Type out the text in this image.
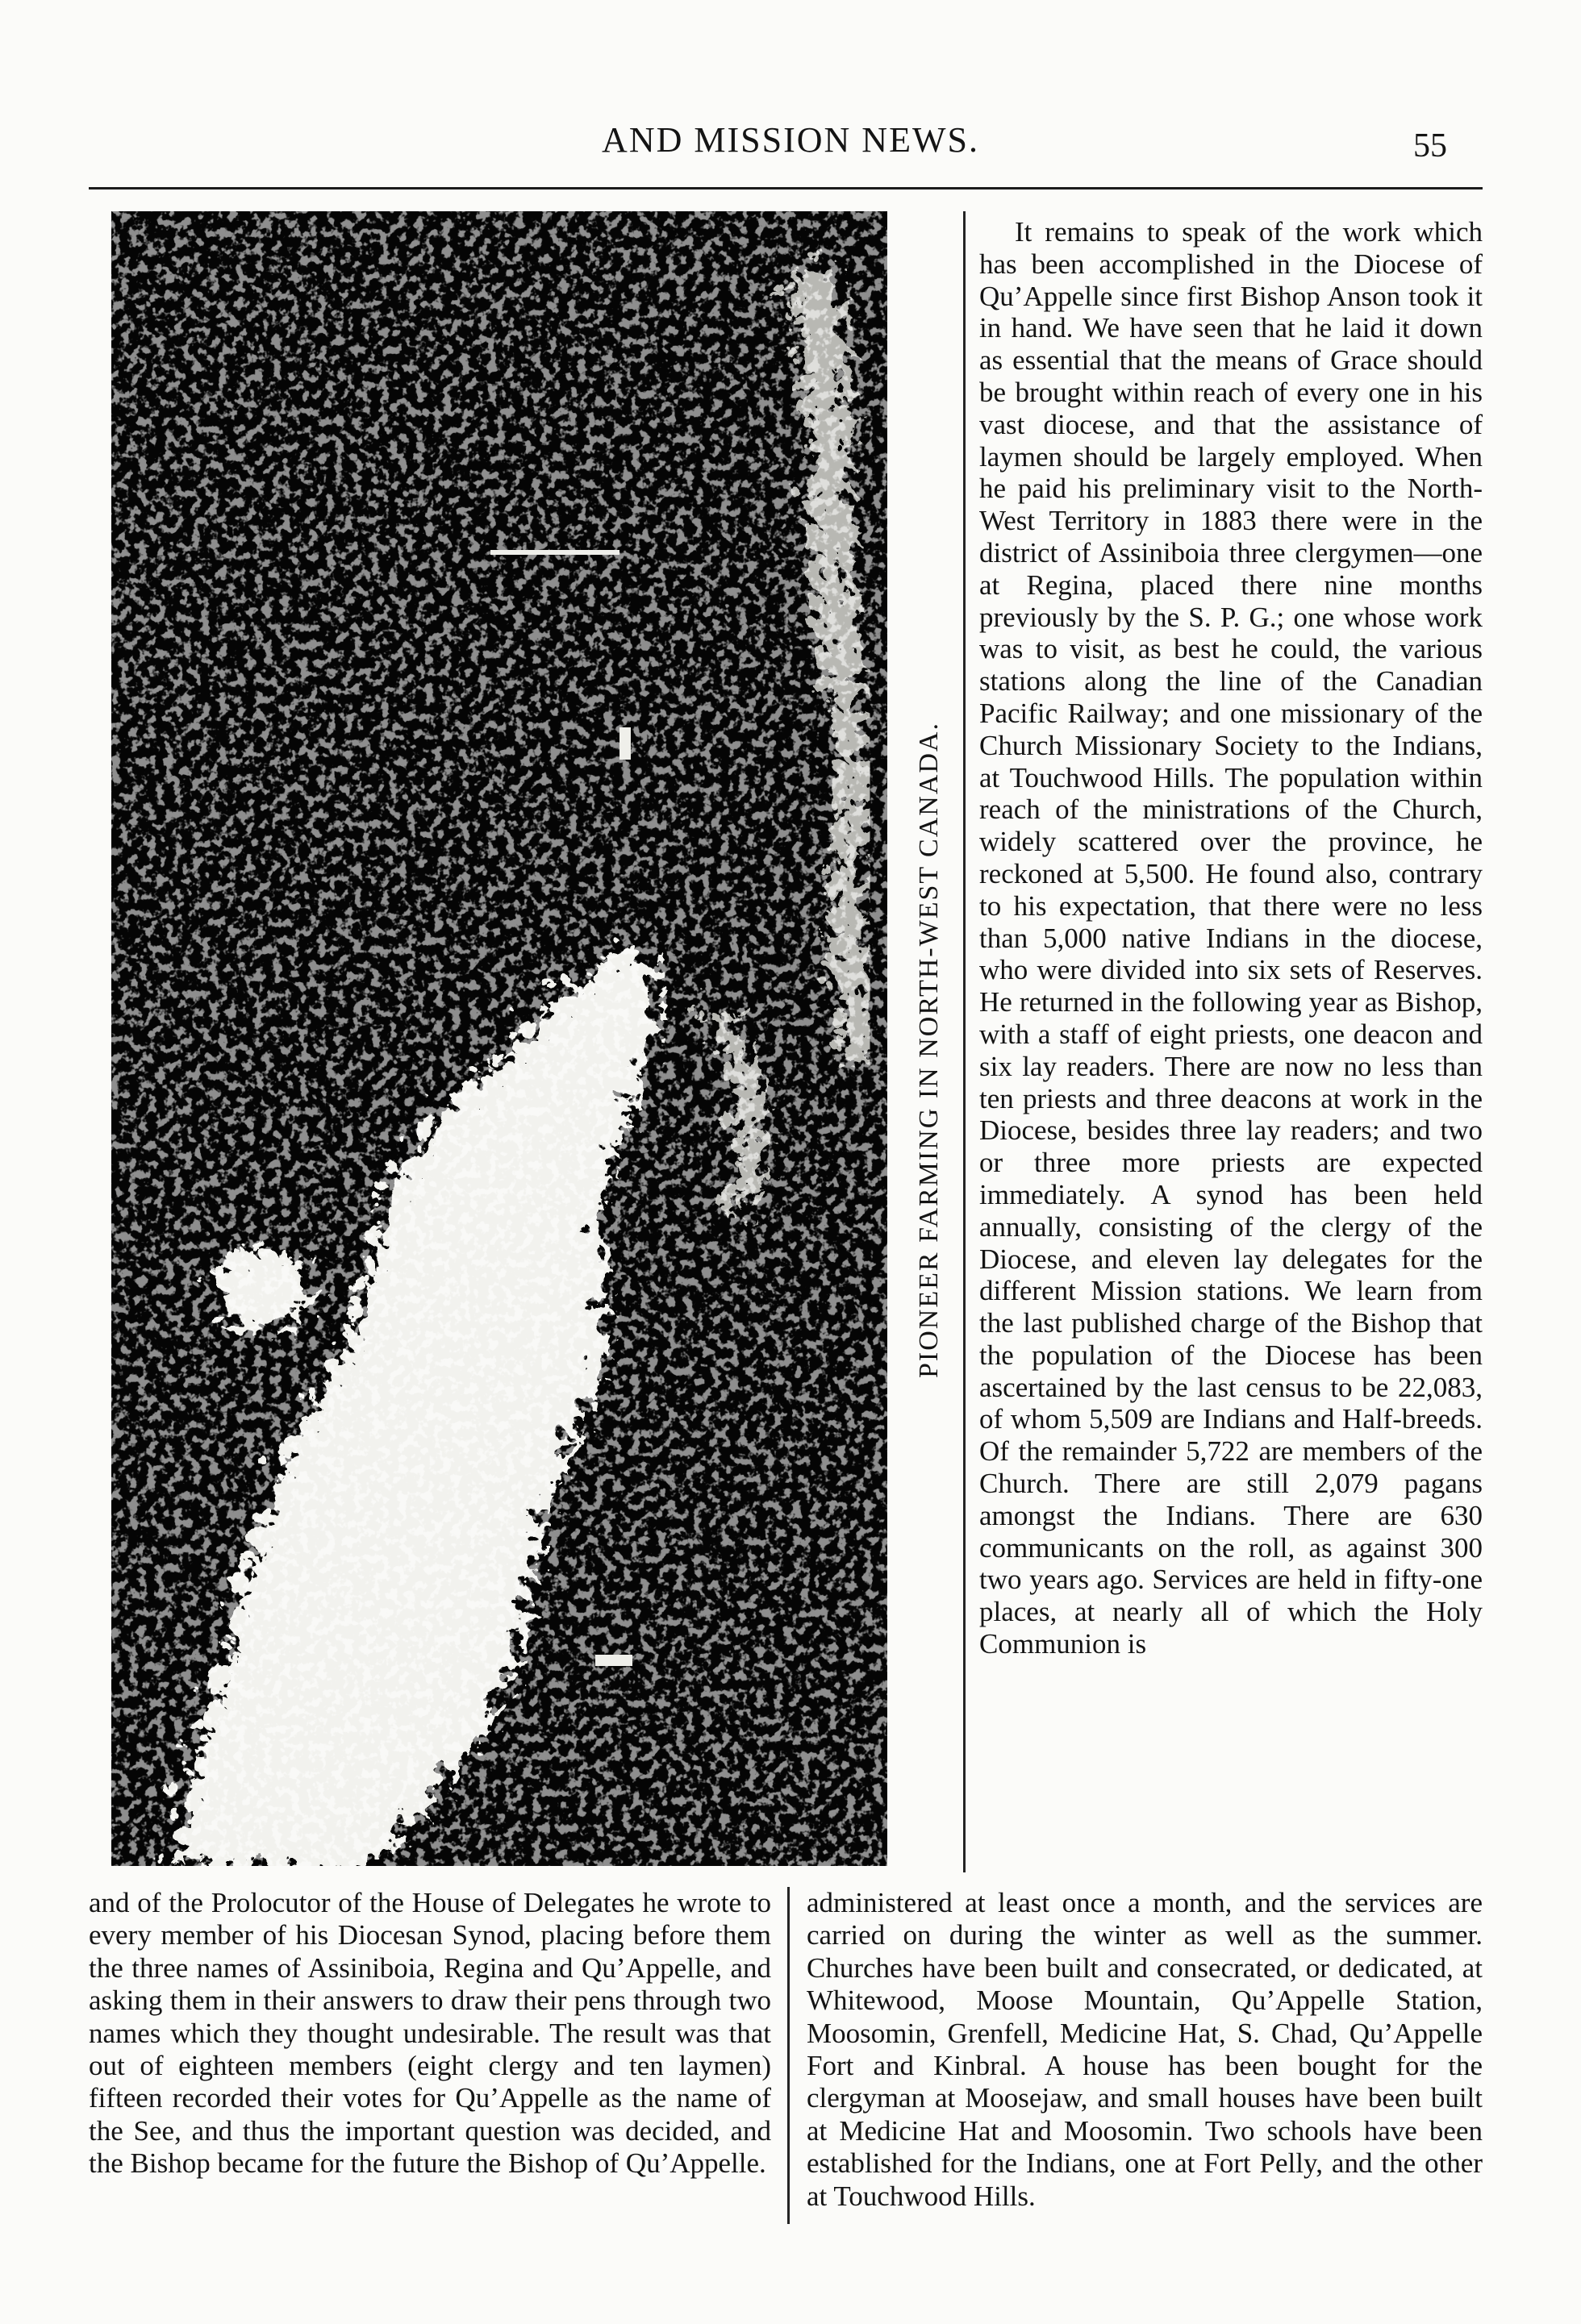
AND MISSION NEWS.	55
PIONEER FARMING IN NORTH-WEST CANADA.

It remains to speak of the work which has been accomplished in the Diocese of Qu’Appelle since first Bishop Anson took it in hand. We have seen that he laid it down as essential that the means of Grace should be brought within reach of every one in his vast diocese, and that the assistance of laymen should be largely employed. When he paid his preliminary visit to the North-West Territory in 1883 there were in the district of Assiniboia three clergymen—one at Regina, placed there nine months previously by the S. P. G.; one whose work was to visit, as best he could, the various stations along the line of the Canadian Pacific Railway; and one missionary of the Church Missionary Society to the Indians, at Touchwood Hills. The population within reach of the ministrations of the Church, widely scattered over the province, he reckoned at 5,500. He found also, contrary to his expectation, that there were no less than 5,000 native Indians in the diocese, who were divided into six sets of Reserves. He returned in the following year as Bishop, with a staff of eight priests, one deacon and six lay readers. There are now no less than ten priests and three deacons at work in the Diocese, besides three lay readers; and two or three more priests are expected immediately. A synod has been held annually, consisting of the clergy of the Diocese, and eleven lay delegates for the different Mission stations. We learn from the last published charge of the Bishop that the population of the Diocese has been ascertained by the last census to be 22,083, of whom 5,509 are Indians and Half-breeds. Of the remainder 5,722 are members of the Church. There are still 2,079 pagans amongst the Indians. There are 630 communicants on the roll, as against 300 two years ago. Services are held in fifty-one places, at nearly all of which the Holy Communion is

and of the Prolocutor of the House of Delegates he wrote to every member of his Diocesan Synod, placing before them the three names of Assiniboia, Regina and Qu’Appelle, and asking them in their answers to draw their pens through two names which they thought undesirable. The result was that out of eighteen members (eight clergy and ten laymen) fifteen recorded their votes for Qu’Appelle as the name of the See, and thus the important question was decided, and the Bishop became for the future the Bishop of Qu’Appelle.

administered at least once a month, and the services are carried on during the winter as well as the summer. Churches have been built and consecrated, or dedicated, at Whitewood, Moose Mountain, Qu’Appelle Station, Moosomin, Grenfell, Medicine Hat, S. Chad, Qu’Appelle Fort and Kinbral. A house has been bought for the clergyman at Moosejaw, and small houses have been built at Medicine Hat and Moosomin. Two schools have been established for the Indians, one at Fort Pelly, and the other at Touchwood Hills.
